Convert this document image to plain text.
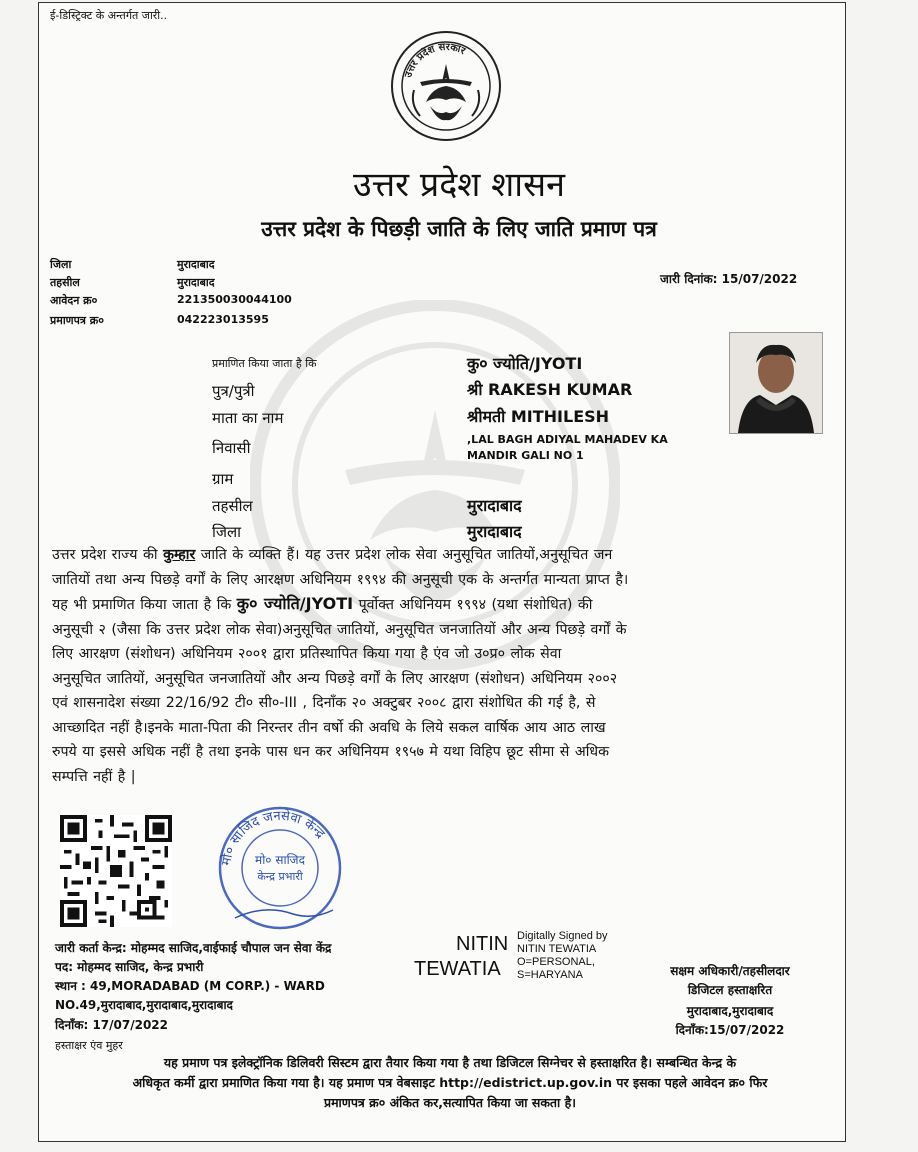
ई-डिस्ट्रिक्ट के अन्तर्गत जारी..
उत्तर प्रदेश सरकार
उत्तर प्रदेश शासन
उत्तर प्रदेश के पिछड़ी जाति के लिए जाति प्रमाण पत्र
जिला	मुरादाबाद
तहसील	मुरादाबाद
आवेदन क्र०	221350030044100
प्रमाणपत्र क्र०	042223013595
जारी दिनांक: 15/07/2022
प्रमाणित किया जाता है कि	कु० ज्योति/JYOTI
पुत्र/पुत्री	श्री RAKESH KUMAR
माता का नाम	श्रीमती MITHILESH
निवासी	,LAL BAGH ADIYAL MAHADEV KA
MANDIR GALI NO 1
ग्राम
तहसील	मुरादाबाद
जिला	मुरादाबाद

उत्तर प्रदेश राज्य की कुम्हार जाति के व्यक्ति हैं। यह उत्तर प्रदेश लोक सेवा अनुसूचित जातियों,अनुसूचित जन

जातियों तथा अन्य पिछड़े वर्गों के लिए आरक्षण अधिनियम १९९४ की अनुसूची एक के अन्तर्गत मान्यता प्राप्त है।

यह भी प्रमाणित किया जाता है कि कु० ज्योति/JYOTI पूर्वोक्त अधिनियम १९९४ (यथा संशोधित) की

अनुसूची २ (जैसा कि उत्तर प्रदेश लोक सेवा)अनुसूचित जातियों, अनुसूचित जनजातियों और अन्य पिछड़े वर्गों के

लिए आरक्षण (संशोधन) अधिनियम २००१ द्वारा प्रतिस्थापित किया गया है एंव जो उ०प्र० लोक सेवा

अनुसूचित जातियों, अनुसूचित जनजातियों और अन्य पिछड़े वर्गों के लिए आरक्षण (संशोधन) अधिनियम २००२

एवं शासनादेश संख्या 22/16/92 टी० सी०-III , दिनाँक २० अक्टुबर २००८ द्वारा संशोधित की गई है, से

आच्छादित नहीं है।इनके माता-पिता की निरन्तर तीन वर्षो की अवधि के लिये सकल वार्षिक आय आठ लाख

रुपये या इससे अधिक नहीं है तथा इनके पास धन कर अधिनियम १९५७ मे यथा विहिप छूट सीमा से अधिक

सम्पत्ति नहीं है |

मो० साजिद जनसेवा केन्द्र
मो० साजिद
केन्द्र प्रभारी
जारी कर्ता केन्द्र: मोहम्मद साजिद,वाईफाई चौपाल जन सेवा केंद्र
पद: मोहम्मद साजिद, केन्द्र प्रभारी
स्थान : 49,MORADABAD (M CORP.) - WARD
NO.49,मुरादाबाद,मुरादाबाद,मुरादाबाद
दिनाँक: 17/07/2022
हस्ताक्षर एंव मुहर
NITIN
TEWATIA
Digitally Signed by
NITIN TEWATIA
O=PERSONAL,
S=HARYANA	सक्षम अधिकारी/तहसीलदार
डिजिटल हस्ताक्षरित
मुरादाबाद,मुरादाबाद
दिनाँक:15/07/2022

यह प्रमाण पत्र इलेक्ट्रॉनिक डिलिवरी सिस्टम द्वारा तैयार किया गया है तथा डिजिटल सिग्नेचर से हस्ताक्षरित है। सम्बन्धित केन्द्र के

अधिकृत कर्मी द्वारा प्रमाणित किया गया है। यह प्रमाण पत्र वेबसाइट http://edistrict.up.gov.in पर इसका पहले आवेदन क्र० फिर

प्रमाणपत्र क्र० अंकित कर,सत्यापित किया जा सकता है।
